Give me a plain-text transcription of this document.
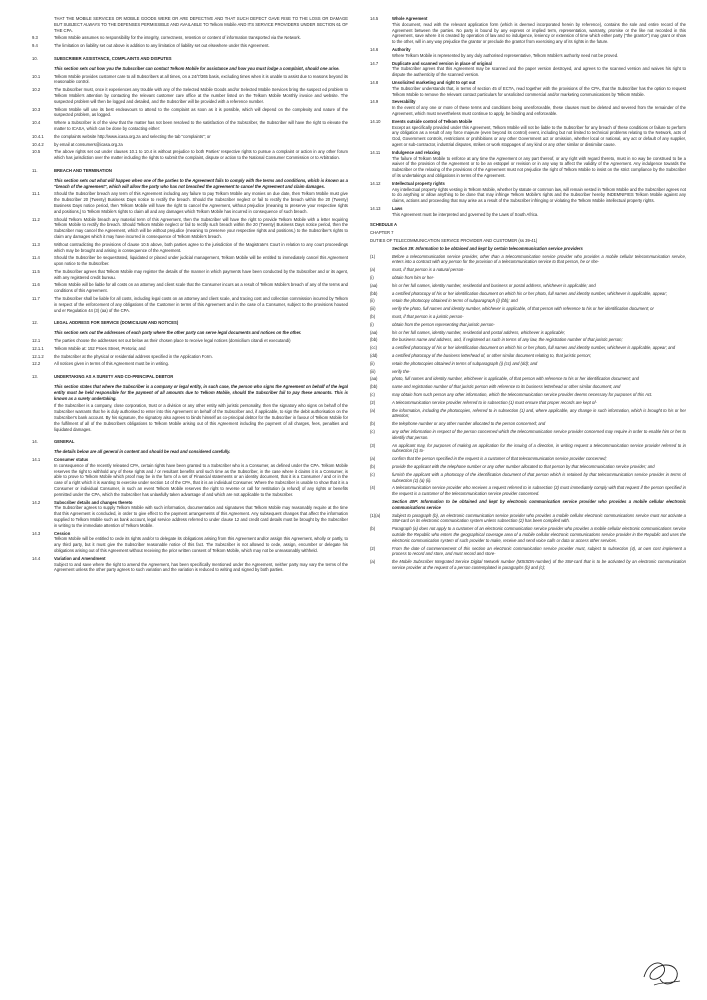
THAT THE MOBILE SERVICES OR MOBILE GOODS WERE OR ARE DEFECTIVE AND THAT SUCH DEFECT GAVE RISE TO THE LOSS OR DAMAGE BUT SUBJECT ALWAYS TO THE DEFENSES PERMISSIBLE AND AVAILABLE TO Telkom Mobile AND ITS SERVICE PROVIDERS UNDER SECTION 61 OF THE CPA.
9.3	Telkom Mobile assumes no responsibility for the integrity, correctness, retention or content of information transported via the Network.
9.4	The limitation on liability set out above is addition to any limitation of liability set out elsewhere under this Agreement.
10.	SUBSCRIBER ASSISTANCE, COMPLAINTS AND DISPUTES
This section sets out how you the Subscriber can contact Telkom Mobile for assistance and how you must lodge a complaint, should one arise.
10.1	Telkom Mobile provides customer care to all Subscribers at all times, on a 24/7/365 basis, excluding times when it is unable to assist due to reasons beyond its reasonable control.
10.2	The Subscriber must, once it experiences any trouble with any of the Selected Mobile Goods and/or Selected Mobile Services bring the suspect ed problem to Telkom Mobile's attention by contacting the relevant customer care office at the number listed on the Telkom Mobile Monthly invoice and website. The suspected problem will then be logged and detailed, and the Subscriber will be provided with a reference number.
10.3	Telkom Mobile will use its best endeavours to attend to the complaint as soon as it is possible, which will depend on the complexity and nature of the suspected problem, as logged.
10.4	Where a Subscriber is of the view that the matter has not been resolved to the satisfaction of the Subscriber, the Subscriber will have the right to elevate the matter to ICASA, which can be done by contacting either:
10.4.1	the complaints website http://www.icasa.org.za and selecting the tab "complaints"; or
10.4.2	by email at consumers@icasa.org.za
10.5	The above rights set out under clauses 10.1 to 10.4 is without prejudice to both Parties' respective rights to pursue a complaint or action in any other forum which has jurisdiction over the matter including the rights to submit the complaint, dispute or action to the National Consumer Commission or to Arbitration.
11.	BREACH AND TERMINATION
This section sets out what will happen when one of the parties to the Agreement fails to comply with the terms and conditions, which is known as a "breach of the agreement", which will allow the party who has not breached the agreement to cancel the Agreement and claim damages.
11.1	Should the Subscriber breach any term of this Agreement including any failure to pay Telkom Mobile any monies on due date, then Telkom Mobile must give the Subscriber 20 (Twenty) Business Days notice to rectify the breach. Should the Subscriber neglect or fail to rectify the breach within the 20 (Twenty) Business Days notice period, then Telkom Mobile will have the right to cancel the Agreement, without prejudice (meaning to preserve your respective rights and positions,) to Telkom Mobile's rights to claim all and any damages which Telkom Mobile has incurred in consequence of such breach.
11.2	Should Telkom Mobile breach any material term of this Agreement, then the Subscriber will have the right to provide Telkom Mobile with a letter requiring Telkom Mobile to rectify the breach. Should Telkom Mobile neglect or fail to rectify such breach within the 20 (Twenty) Business Days notice period, then the Subscriber may cancel the Agreement, which will be without prejudice (meaning to preserve your respective rights and positions,) to the Subscriber's rights to claim any damages which it may have incurred in consequence of Telkom Mobile's breach.
11.3	Without contradicting the provisions of clause 10.5 above, both parties agree to the jurisdiction of the Magistrate's Court in relation to any court proceedings which may be brought and arising in consequence of the Agreement.
11.4	Should the Subscriber be sequestrated, liquidated or placed under judicial management, Telkom Mobile will be entitled to immediately cancel this Agreement upon notice to the Subscriber.
11.5	The Subscriber agrees that Telkom Mobile may register the details of the manner in which payments have been conducted by the Subscriber and or its agent, with any registered credit bureau.
11.6	Telkom Mobile will be liable for all costs on an attorney and client scale that the Consumer incurs as a result of Telkom Mobile's breach of any of the terms and conditions of this Agreement.
11.7	The Subscriber shall be liable for all costs, including legal costs on an attorney and client scale, and tracing cost and collection commission incurred by Telkom in respect of the enforcement of any obligations of the Customer in terms of this Agreement and in the case of a Consumer, subject to the provisions housed und er Regulation 44 (3) (aa) of the CPA.
12.	LEGAL ADDRESS FOR SERVICE (DOMICILIUM AND NOTICES)
This section sets out the addresses of each party where the other party can serve legal documents and notices on the other.
12.1	The parties choose the addresses set out below as their chosen place to receive legal notices (domicilium citandi et executandi)
12.1.1	Telkom Mobile at: 152 Proes Street, Pretoria; and
12.1.2	the Subscriber at the physical or residential address specified in the Application Form.
12.2	All notices given in terms of this Agreement must be in writing.
13.	UNDERTAKING AS A SURETY AND CO-PRINCIPAL DEBTOR
This section states that where the Subscriber is a company or legal entity, in such case, the person who signs the Agreement on behalf of the legal entity must be held responsible for the payment of all amounts due to Telkom Mobile, should the Subscriber fail to pay these amounts. This is known as a surety undertaking.
If the Subscriber is a company, close corporation, trust or a division or any other entity with juristic personality, then the signatory who signs on behalf of the Subscriber warrants that he is duly authorised to enter into this Agreement on behalf of the Subscriber and, if applicable, to sign the debit authorisation on the Subscriber's bank account. By his signature, the signatory also agrees to binds himself as co-principal debtor for the Subscriber in favour of Telkom Mobile for the fulfilment of all of the Subscribers obligations to Telkom Mobile arising out of this Agreement including the payment of all charges, fees, penalties and liquidated damages.
14.	GENERAL
The details below are all general in content and should be read and considered carefully.
14.1	Consumer status
In consequence of the recently released CPA, certain rights have been granted to a Subscriber who is a Consumer, as defined under the CPA. Telkom Mobile reserves the right to withhold any of these rights and / or resultant benefits until such time as the Subscriber, in the case where it claims it is a Consumer, is able to prove to Telkom Mobile which proof may be in the form of a set of Financial statements or an identity document, that it is a Consumer / and or in the case of a right which it is wanting to exercise under section 14 of the CPA, that it is an individual Consumer. Where the Subscriber is unable to show that it is a Consumer or individual Consumer, in such an event Telkom Mobile reserves the right to reverse or call for restitution (a refund) of any rights or benefits permitted under the CPA, which the Subscriber has unlawfully taken advantage of and which are not applicable to the Subscriber.
14.2	Subscriber details and changes thereto
The Subscriber agrees to supply Telkom Mobile with such information, documentation and signatures that Telkom Mobile may reasonably require at the time that this Agreement is concluded, in order to give effect to the payment arrangements of this Agreement. Any subsequent changes that affect the information supplied to Telkom Mobile such as bank account, legal service address referred to under clause 12 and credit card details must be brought by the Subscriber in writing to the immediate attention of Telkom Mobile.
14.3	Cession
Telkom Mobile will be entitled to cede its rights and/or to delegate its obligations arising from this Agreement and/or assign this Agreement, wholly or partly, to any third party, but it must give the Subscriber reasonable notice of this fact. The Subscriber is not allowed to cede, assign, encumber or delegate his obligations arising out of this Agreement without receiving the prior written consent of Telkom Mobile, which may not be unreasonably withheld.
14.4	Variation and Amendment
Subject to and save where the right to amend the Agreement, has been specifically mentioned under the Agreement, neither party may vary the terms of the Agreement unless the other party agrees to such variation and the variation is reduced to writing and signed by both parties.
14.5	Whole Agreement
This document, read with the relevant application form (which is deemed incorporated herein by reference), contains the sole and entire record of the Agreement between the parties. No party is bound by any express or implied term, representation, warranty, promise or the like not recorded in this Agreement, save where it is created by operation of law and no indulgence, leniency or extension of time which either party ("the grantor") may grant or show to the other, will in any way prejudice the grantor or preclude the grantor from exercising any of its rights in the future.
14.6	Authority
Where Telkom Mobile is represented by any duly authorised representative, Telkom Mobile's authority need not be proved.
14.7	Duplicate and scanned version in place of original
The Subscriber agrees that this Agreement may be scanned and the paper version destroyed, and agrees to the scanned version and waives his right to dispute the authenticity of the scanned version.
14.8	Unsolicited marketing and right to opt out
The Subscriber understands that, in terms of section 45 of ECTA, read together with the provisions of the CPA, that the Subscriber has the option to request Telkom Mobile to remove the relevant contact particulars for unsolicited commercial and/or marketing communications by Telkom Mobile.
14.9	Severability
In the event of any one or more of these terms and conditions being unenforceable, these clauses must be deleted and severed from the remainder of the Agreement, which must nevertheless must continue to apply, be binding and enforceable.
14.10	Events outside control of Telkom Mobile
Except as specifically provided under this Agreement, Telkom Mobile will not be liable to the Subscriber for any breach of these conditions or failure to perform any obligation as a result of any force majeure (even beyond its control) event, including but not limited to technical problems relating to the Network, acts of God, Government controls, restrictions or prohibitions or any other Government act or omission, whether local or national, any act or default of any supplier, agent or sub-contractor, industrial disputes, strikes or work stoppages of any kind or any other similar or dissimilar cause.
14.11	Indulgence and relaxing
The failure of Telkom Mobile to enforce at any time the Agreement or any part thereof, or any right with regard thereto, must in no way be construed to be a waiver of the provision of the Agreement or to be an estoppel or revision or in any way to affect the validity of the Agreement. Any indulgence towards the Subscriber or the relaxing of the provisions of the Agreement must not prejudice the right of Telkom Mobile to insist on the strict compliance by the Subscriber of its undertakings and obligations in terms of the Agreement.
14.12	Intellectual property rights
Any intellectual property rights vesting in Telkom Mobile, whether by statute or common law, will remain vested in Telkom Mobile and the Subscriber agrees not to do anything or allow anything to be done that may infringe Telkom Mobile's rights and the Subscriber hereby INDEMNIFIES Telkom Mobile against any claims, actions and proceeding that may arise as a result of the Subscriber infringing or violating the Telkom Mobile intellectual property rights.
14.13	Laws
This Agreement must be interpreted and governed by the Laws of South Africa.
SCHEDULE A
CHAPTER 7
DUTIES OF TELECOMMUNICATION SERVICE PROVIDER AND CUSTOMER (ss 39-41)
Section 39: Information to be obtained and kept by certain telecommunication service providers
(1)	Before a telecommunication service provider, other than a telecommunication service provider who provides a mobile cellular telecommunication service, enters into a contract with any person for the provision of a telecommunication service to that person, he or she-
(a)	must, if that person is a natural person-
(i)	obtain from him or her-
(aa)	his or her full names, identity number, residential and business or postal address, whichever is applicable; and
(bb)	a certified photocopy of his or her identification document on which his or her photo, full names and identity number, whichever is applicable, appear;
(ii)	retain the photocopy obtained in terms of subparagraph (i) (bb); and
(iii)	verify the photo, full names and identity number, whichever is applicable, of that person with reference to his or her identification document; or
(b)	must, if that person is a juristic person-
(i)	obtain from the person representing that juristic person-
(aa)	his or her full names, identity number, residential and postal address, whichever is applicable;
(bb)	the business name and address, and, if registered as such in terms of any law, the registration number of that juristic person;
(cc)	a certified photocopy of his or her identification document on which his or her photo, full names and identity number, whichever is applicable, appear; and
(dd)	a certified photocopy of the business letterhead of, or other similar document relating to, that juristic person;
(ii)	retain the photocopies obtained in terms of subparagraph (i) (cc) and (dd); and
(iii)	verify the-
(aa)	photo, full names and identity number, whichever is applicable, of that person with reference to his or her identification document; and
(bb)	name and registration number of that juristic person with reference to its business letterhead or other similar document; and
(c)	may obtain from such person any other information, which the telecommunication service provider deems necessary for purposes of this Act.
(2)	A telecommunication service provider referred to in subsection (1) must ensure that proper records are kept of-
(a)	the information, including the photocopies, referred to in subsection (1) and, where applicable, any change in such information, which is brought to his or her attention;
(b)	the telephone number or any other number allocated to the person concerned; and
(c)	any other information in respect of the person concerned which the telecommunication service provider concerned may require in order to enable him or her to identify that person.
(3)	An applicant may, for purposes of making an application for the issuing of a direction, in writing request a telecommunication service provider referred to in subsection (1) to-
(a)	confirm that the person specified in the request is a customer of that telecommunication service provider concerned;
(b)	provide the applicant with the telephone number or any other number allocated to that person by that telecommunication service provider; and
(c)	furnish the applicant with a photocopy of the identification document of that person which is retained by that telecommunication service provider in terms of subsection (1) (a) (ii).
(4)	A telecommunication service provider who receives a request referred to in subsection (3) must immediately comply with that request if the person specified in the request is a customer of the telecommunication service provider concerned.
Section 40P: Information to be obtained and kept by electronic communication service provider who provides a mobile cellular electronic communications service
(1)(a)	Subject to paragraph (b), an electronic communication service provider who provides a mobile cellular electronic communications service must not activate a SIM-card on its electronic communication system unless subsection (2) has been complied with.
(b)	Paragraph (a) does not apply to a customer of an electronic communication service provider who provides a mobile cellular electronic communications service outside the Republic who enters the geographical coverage area of a mobile cellular electronic communications service provider in the Republic and uses the electronic communication system of such provider to make, receive and send voice calls or data or access other services.
(2)	From the date of commencement of this section an electronic communication service provider must, subject to subsection (4), at own cost implement a process to record and store, and must record and store-
(a)	the Mobile Subscriber Integrated Service Digital Network number (MSISDN-number) of the SIM-card that is to be activated by an electronic communication service provider at the request of a person contemplated in paragraphs (b) and (c);
